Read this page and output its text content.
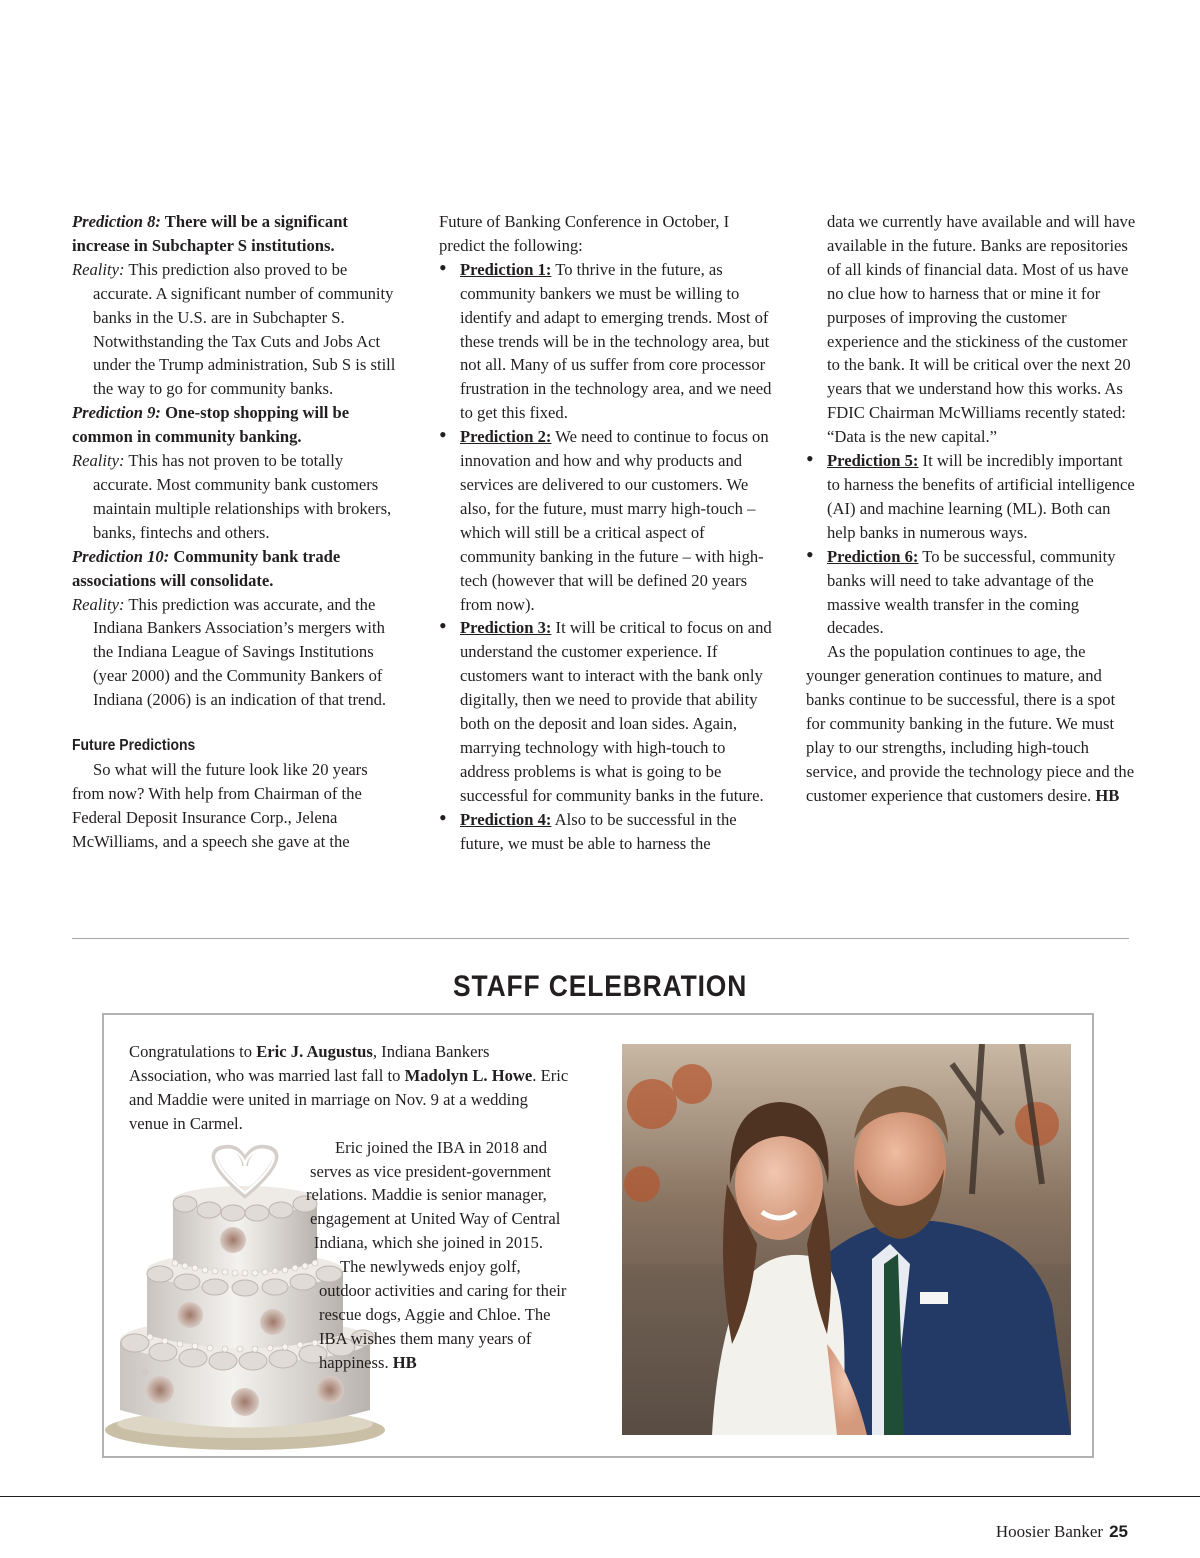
Prediction 8: There will be a significant increase in Subchapter S institutions.

Reality: This prediction also proved to be accurate. A significant number of community banks in the U.S. are in Subchapter S. Notwithstanding the Tax Cuts and Jobs Act under the Trump administration, Sub S is still the way to go for community banks.

Prediction 9: One-stop shopping will be common in community banking.

Reality: This has not proven to be totally accurate. Most community bank customers maintain multiple relationships with brokers, banks, fintechs and others.

Prediction 10: Community bank trade associations will consolidate.

Reality: This prediction was accurate, and the Indiana Bankers Association’s mergers with the Indiana League of Savings Institutions (year 2000) and the Community Bankers of Indiana (2006) is an indication of that trend.

Future Predictions

So what will the future look like 20 years from now? With help from Chairman of the Federal Deposit Insurance Corp., Jelena McWilliams, and a speech she gave at the

Future of Banking Conference in October, I predict the following:

• Prediction 1: To thrive in the future, as community bankers we must be willing to identify and adapt to emerging trends. Most of these trends will be in the technology area, but not all. Many of us suffer from core processor frustration in the technology area, and we need to get this fixed.
• Prediction 2: We need to continue to focus on innovation and how and why products and services are delivered to our customers. We also, for the future, must marry high-touch – which will still be a critical aspect of community banking in the future – with high-tech (however that will be defined 20 years from now).
• Prediction 3: It will be critical to focus on and understand the customer experience. If customers want to interact with the bank only digitally, then we need to provide that ability both on the deposit and loan sides. Again, marrying technology with high-touch to address problems is what is going to be successful for community banks in the future.
• Prediction 4: Also to be successful in the future, we must be able to harness the

data we currently have available and will have available in the future. Banks are repositories of all kinds of financial data. Most of us have no clue how to harness that or mine it for purposes of improving the customer experience and the stickiness of the customer to the bank. It will be critical over the next 20 years that we understand how this works. As FDIC Chairman McWilliams recently stated: “Data is the new capital.”

• Prediction 5: It will be incredibly important to harness the benefits of artificial intelligence (AI) and machine learning (ML). Both can help banks in numerous ways.
• Prediction 6: To be successful, community banks will need to take advantage of the massive wealth transfer in the coming decades.

As the population continues to age, the younger generation continues to mature, and banks continue to be successful, there is a spot for community banking in the future. We must play to our strengths, including high-touch service, and provide the technology piece and the customer experience that customers desire. HB

STAFF CELEBRATION

Congratulations to Eric J. Augustus, Indiana Bankers Association, who was married last fall to Madolyn L. Howe. Eric and Maddie were united in marriage on Nov. 9 at a wedding venue in Carmel.

Eric joined the IBA in 2018 and serves as vice president-government relations. Maddie is senior manager, engagement at United Way of Central Indiana, which she joined in 2015.

The newlyweds enjoy golf, outdoor activities and caring for their rescue dogs, Aggie and Chloe. The IBA wishes them many years of happiness. HB

Hoosier Banker 25
